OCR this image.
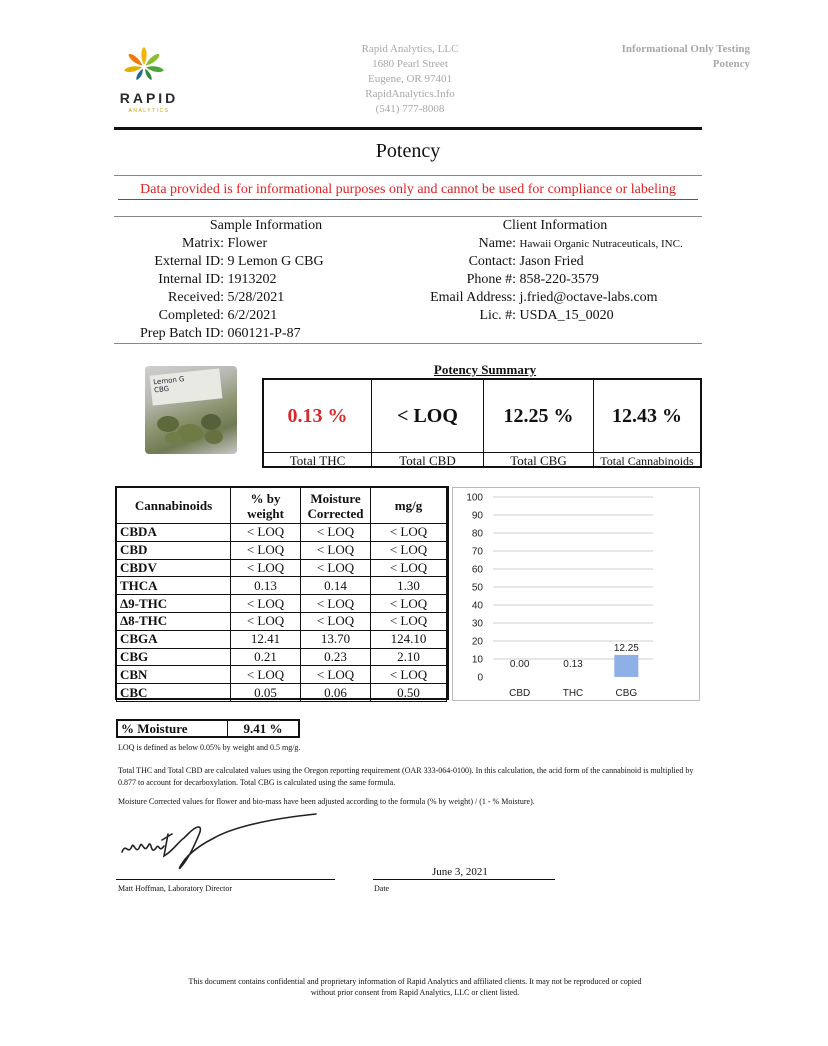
RAPID
ANALYTICS
Rapid Analytics, LLC
1680 Pearl Street
Eugene, OR 97401
RapidAnalytics.Info
(541) 777-8008
Informational Only Testing
Potency
Potency
Data provided is for informational purposes only and cannot be used for compliance or labeling
Sample Information
Matrix: Flower
External ID: 9 Lemon G CBG
Internal ID: 1913202
Received: 5/28/2021
Completed: 6/2/2021
Prep Batch ID: 060121-P-87
Client Information
Name: Hawaii Organic Nutraceuticals, INC.
Contact: Jason Fried
Phone #: 858-220-3579
Email Address: j.fried@octave-labs.com
Lic. #: USDA_15_0020
Lemon G
CBG
Potency Summary
0.13 % < LOQ 12.25 % 12.43 %
Total THC	Total CBD	Total CBG	Total Cannabinoids
Cannabinoids	% by weight	Moisture Corrected	mg/g
CBDA	< LOQ	< LOQ	< LOQ
CBD	< LOQ	< LOQ	< LOQ
CBDV	< LOQ	< LOQ	< LOQ
THCA	0.13	0.14	1.30
Δ9-THC	< LOQ	< LOQ	< LOQ
Δ8-THC	< LOQ	< LOQ	< LOQ
CBGA	12.41	13.70	124.10
CBG	0.21	0.23	2.10
CBN	< LOQ	< LOQ	< LOQ
CBC	0.05	0.06	0.50
0
10
20
30
40
50
60
70
80
90
100
0.00
CBD
0.13
THC
12.25
CBG
% Moisture	9.41 %
LOQ is defined as below 0.05% by weight and 0.5 mg/g.
Total THC and Total CBD are calculated values using the Oregon reporting requirement (OAR 333-064-0100). In this calculation, the acid form of the cannabinoid is multiplied by 0.877 to account for decarboxylation. Total CBG is calculated using the same formula.
Moisture Corrected values for flower and bio-mass have been adjusted according to the formula (% by weight) / (1 - % Moisture).
Matt Hoffman, Laboratory Director
June 3, 2021
Date
This document contains confidential and proprietary information of Rapid Analytics and affiliated clients. It may not be reproduced or copied
without prior consent from Rapid Analytics, LLC or client listed.
